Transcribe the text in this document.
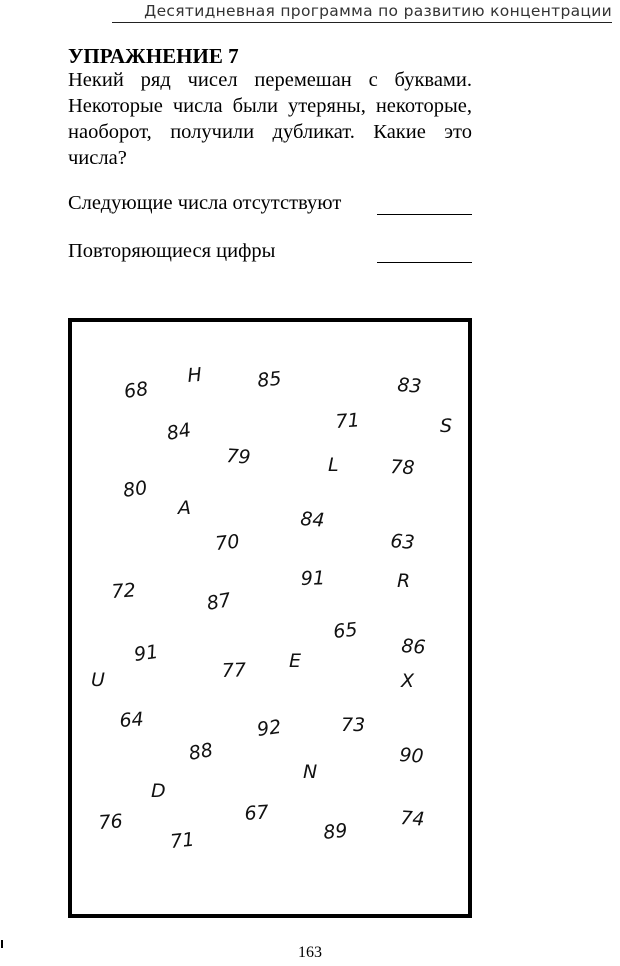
Десятидневная программа по развитию концентрации
УПРАЖНЕНИЕ 7
Некий ряд чисел перемешан с буквами. Некоторые числа были утеряны, некоторые, наоборот, получили дубликат. Какие это числа?
Следующие числа отсутствуют
Повторяющиеся цифры
68
Н	85	83
71	S
84
79	L	78
80
А
84
70	63
72	87
91	R
65
86
91
77 Е
U	X
64	92	73
88	90
N
D
67	74
76
71	89
163
